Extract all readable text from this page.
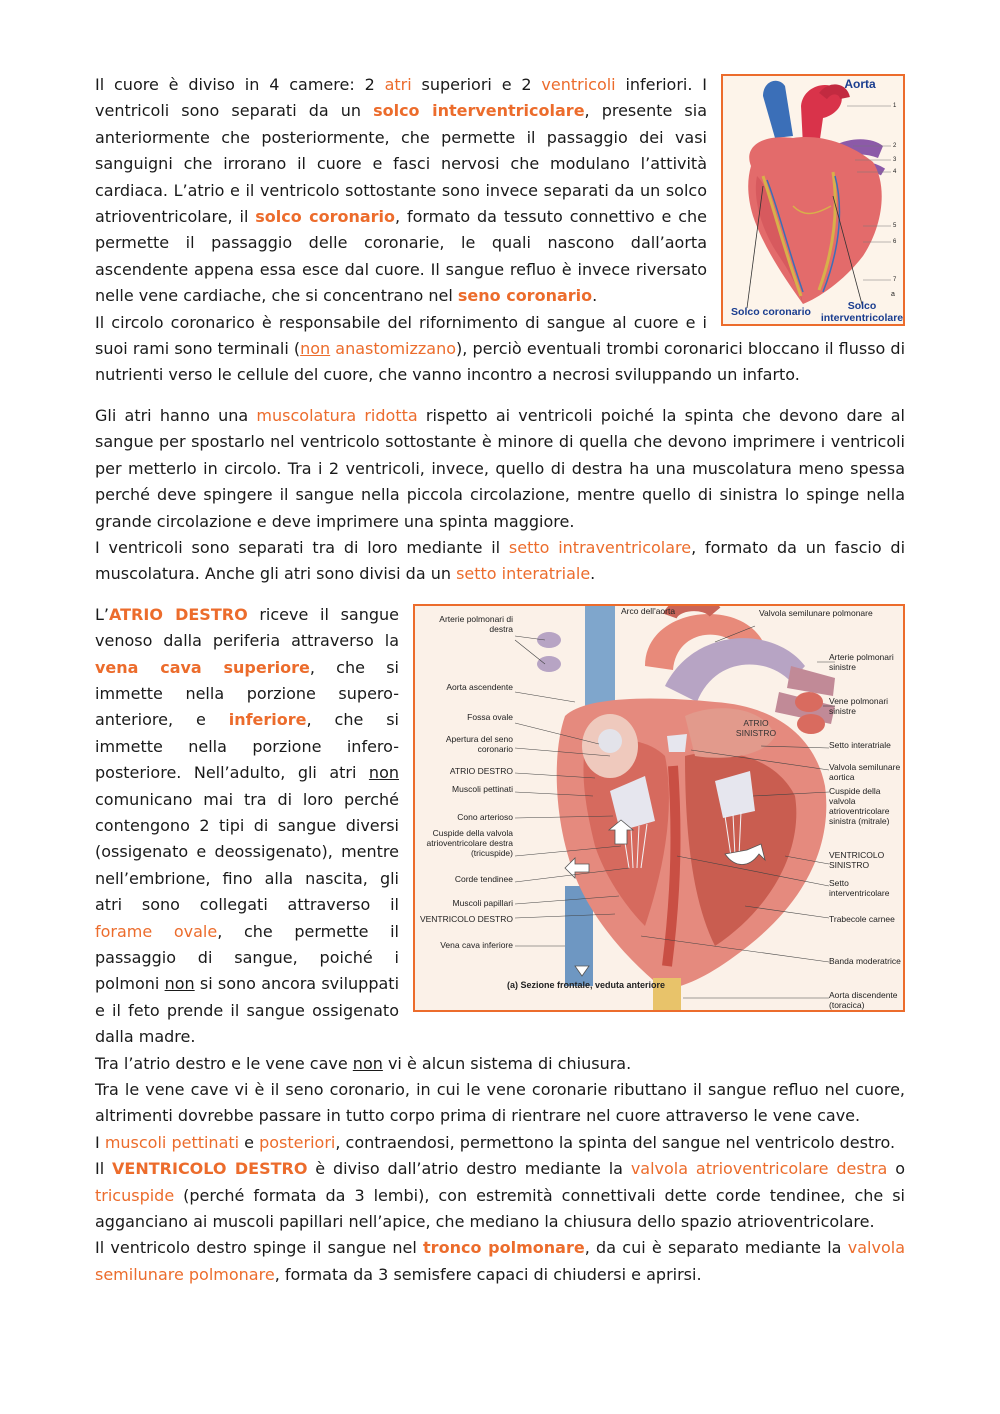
Aorta
1
2
3
4
5
6
7
a
Solco coronario	Solco interventricolare

Il cuore è diviso in 4 camere: 2 atri superiori e 2 ventricoli inferiori. I ventricoli sono separati da un solco interventricolare, presente sia anteriormente che posteriormente, che permette il passaggio dei vasi sanguigni che irrorano il cuore e fasci nervosi che modulano l’attività cardiaca. L’atrio e il ventricolo sottostante sono invece separati da un solco atrioventricolare, il solco coronario, formato da tessuto connettivo e che permette il passaggio delle coronarie, le quali nascono dall’aorta ascendente appena essa esce dal cuore. Il sangue refluo è invece riversato nelle vene cardiache, che si concentrano nel seno coronario.

Il circolo coronarico è responsabile del rifornimento di sangue al cuore e i suoi rami sono terminali (non anastomizzano), perciò eventuali trombi coronarici bloccano il flusso di nutrienti verso le cellule del cuore, che vanno incontro a necrosi sviluppando un infarto.

Gli atri hanno una muscolatura ridotta rispetto ai ventricoli poiché la spinta che devono dare al sangue per spostarlo nel ventricolo sottostante è minore di quella che devono imprimere i ventricoli per metterlo in circolo. Tra i 2 ventricoli, invece, quello di destra ha una muscolatura meno spessa perché deve spingere il sangue nella piccola circolazione, mentre quello di sinistra lo spinge nella grande circolazione e deve imprimere una spinta maggiore.

I ventricoli sono separati tra di loro mediante il setto intraventricolare, formato da un fascio di muscolatura. Anche gli atri sono divisi da un setto interatriale.

Arco dell'aorta
Arterie polmonari di destra
Aorta ascendente
Fossa ovale
Apertura del seno coronario
ATRIO DESTRO
Muscoli pettinati
Cono arterioso
Cuspide della valvola atrioventricolare destra (tricuspide)
Corde tendinee
Muscoli papillari
VENTRICOLO DESTRO
Vena cava inferiore
Valvola semilunare polmonare
Arterie polmonari sinistre
Vene polmonari sinistre
Setto interatriale
Valvola semilunare aortica
Cuspide della valvola atrioventricolare sinistra (mitrale)
VENTRICOLO SINISTRO
Setto interventricolare
Trabecole carnee
Banda moderatrice
Aorta discendente (toracica)
ATRIO SINISTRO
(a) Sezione frontale, veduta anteriore

L’ATRIO DESTRO riceve il sangue venoso dalla periferia attraverso la vena cava superiore, che si immette nella porzione supero-anteriore, e inferiore, che si immette nella porzione infero-posteriore. Nell’adulto, gli atri non comunicano mai tra di loro perché contengono 2 tipi di sangue diversi (ossigenato e deossigenato), mentre nell’embrione, fino alla nascita, gli atri sono collegati attraverso il forame ovale, che permette il passaggio di sangue, poiché i polmoni non si sono ancora sviluppati e il feto prende il sangue ossigenato dalla madre.

Tra l’atrio destro e le vene cave non vi è alcun sistema di chiusura.

Tra le vene cave vi è il seno coronario, in cui le vene coronarie ributtano il sangue refluo nel cuore, altrimenti dovrebbe passare in tutto corpo prima di rientrare nel cuore attraverso le vene cave.

I muscoli pettinati e posteriori, contraendosi, permettono la spinta del sangue nel ventricolo destro.

Il VENTRICOLO DESTRO è diviso dall’atrio destro mediante la valvola atrioventricolare destra o tricuspide (perché formata da 3 lembi), con estremità connettivali dette corde tendinee, che si agganciano ai muscoli papillari nell’apice, che mediano la chiusura dello spazio atrioventricolare.

Il ventricolo destro spinge il sangue nel tronco polmonare, da cui è separato mediante la valvola semilunare polmonare, formata da 3 semisfere capaci di chiudersi e aprirsi.
